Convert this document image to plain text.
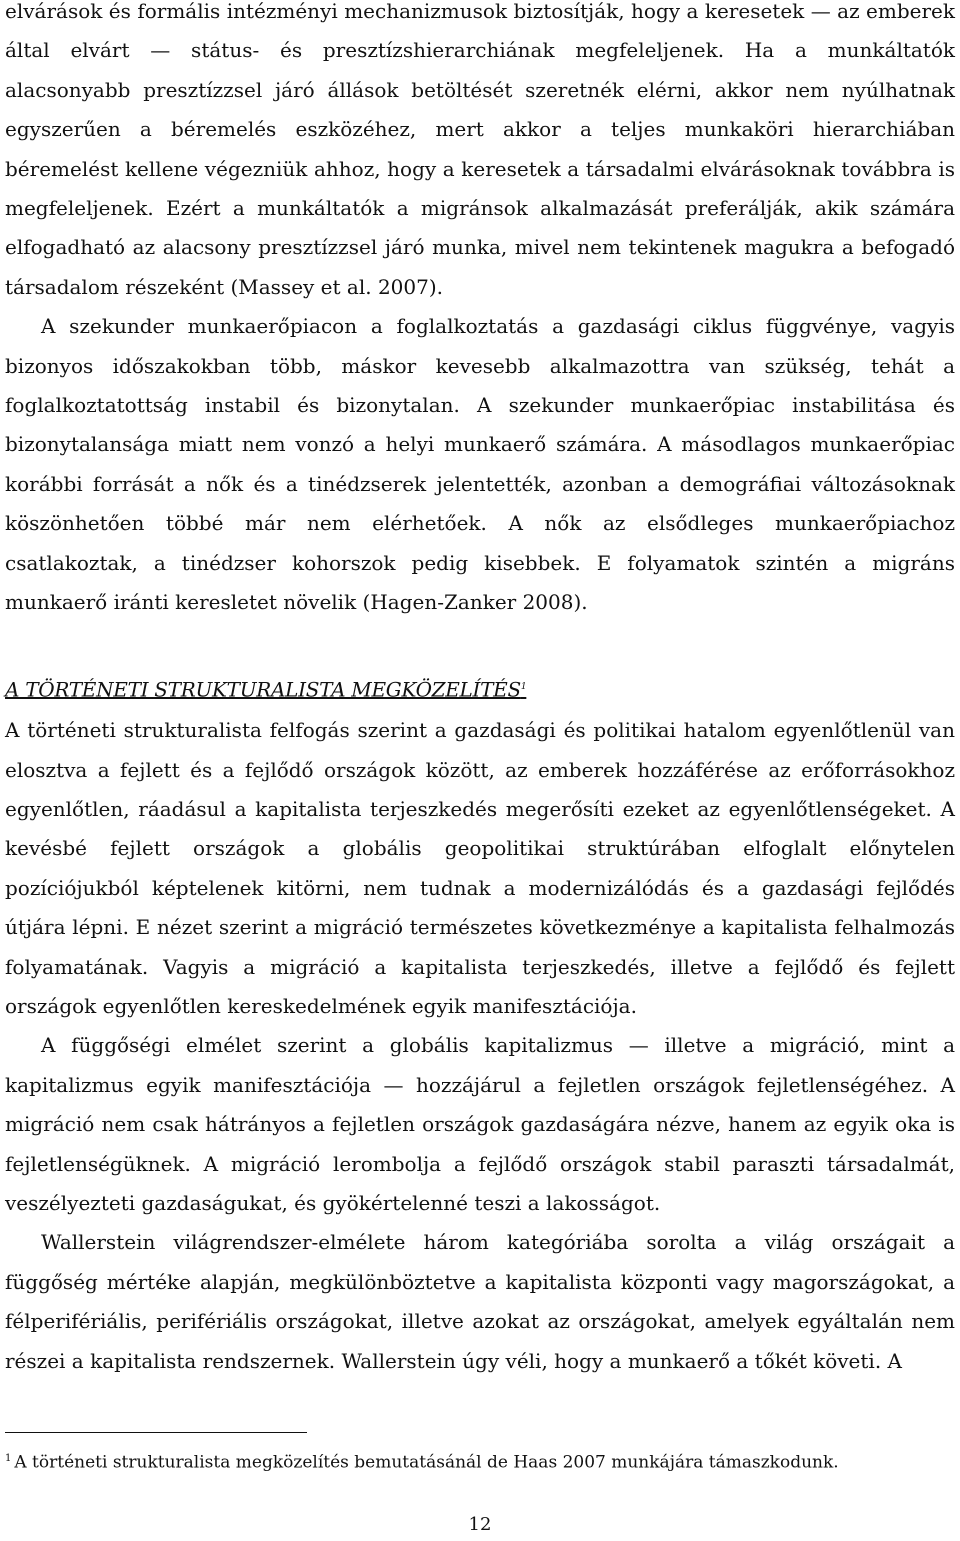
elvárások és formális intézményi mechanizmusok biztosítják, hogy a keresetek — az emberek által elvárt — státus- és presztízshierarchiának megfeleljenek. Ha a munkáltatók alacsonyabb presztízzsel járó állások betöltését szeretnék elérni, akkor nem nyúlhatnak egyszerűen a béremelés eszközéhez, mert akkor a teljes munkaköri hierarchiában béremelést kellene végezniük ahhoz, hogy a keresetek a társadalmi elvárásoknak továbbra is megfeleljenek. Ezért a munkáltatók a migránsok alkalmazását preferálják, akik számára elfogadható az alacsony presztízzsel járó munka, mivel nem tekintenek magukra a befogadó társadalom részeként (Massey et al. 2007).

A szekunder munkaerőpiacon a foglalkoztatás a gazdasági ciklus függvénye, vagyis bizonyos időszakokban több, máskor kevesebb alkalmazottra van szükség, tehát a foglalkoztatottság instabil és bizonytalan. A szekunder munkaerőpiac instabilitása és bizonytalansága miatt nem vonzó a helyi munkaerő számára. A másodlagos munkaerőpiac korábbi forrását a nők és a tinédzserek jelentették, azonban a demográfiai változásoknak köszönhetően többé már nem elérhetőek. A nők az elsődleges munkaerőpiachoz csatlakoztak, a tinédzser kohorszok pedig kisebbek. E folyamatok szintén a migráns munkaerő iránti keresletet növelik (Hagen-Zanker 2008).

A TÖRTÉNETI STRUKTURALISTA MEGKÖZELÍTÉS$^1$

A történeti strukturalista felfogás szerint a gazdasági és politikai hatalom egyenlőtlenül van elosztva a fejlett és a fejlődő országok között, az emberek hozzáférése az erőforrásokhoz egyenlőtlen, ráadásul a kapitalista terjeszkedés megerősíti ezeket az egyenlőtlenségeket. A kevésbé fejlett országok a globális geopolitikai struktúrában elfoglalt előnytelen pozíciójukból képtelenek kitörni, nem tudnak a modernizálódás és a gazdasági fejlődés útjára lépni. E nézet szerint a migráció természetes következménye a kapitalista felhalmozás folyamatának. Vagyis a migráció a kapitalista terjeszkedés, illetve a fejlődő és fejlett országok egyenlőtlen kereskedelmének egyik manifesztációja.

A függőségi elmélet szerint a globális kapitalizmus — illetve a migráció, mint a kapitalizmus egyik manifesztációja — hozzájárul a fejletlen országok fejletlenségéhez. A migráció nem csak hátrányos a fejletlen országok gazdaságára nézve, hanem az egyik oka is fejletlenségüknek. A migráció lerombolja a fejlődő országok stabil paraszti társadalmát, veszélyezteti gazdaságukat, és gyökértelenné teszi a lakosságot.

Wallerstein világrendszer-elmélete három kategóriába sorolta a világ országait a függőség mértéke alapján, megkülönböztetve a kapitalista központi vagy magországokat, a félperifériális, perifériális országokat, illetve azokat az országokat, amelyek egyáltalán nem részei a kapitalista rendszernek. Wallerstein úgy véli, hogy a munkaerő a tőkét követi. A

$^1$ A történeti strukturalista megközelítés bemutatásánál de Haas 2007 munkájára támaszkodunk.
12
